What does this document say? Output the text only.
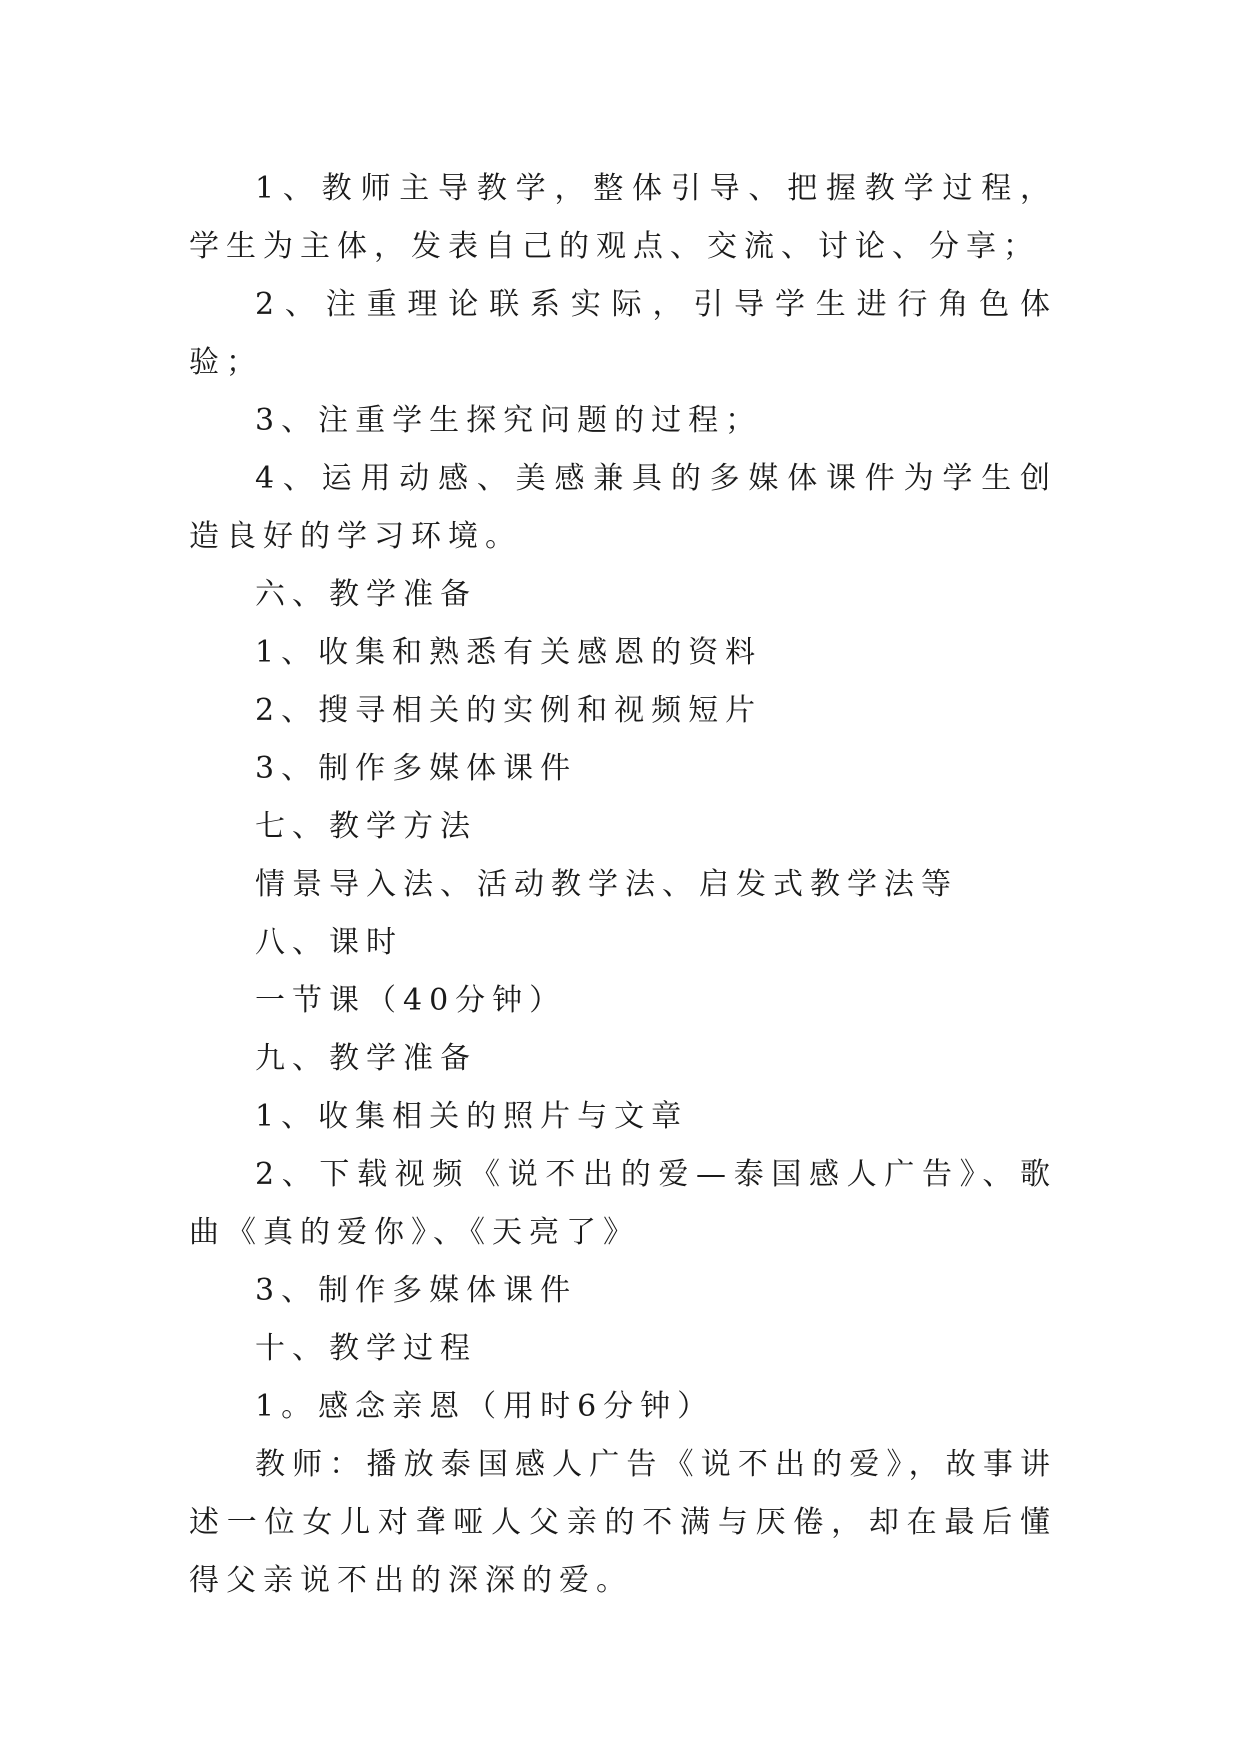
1、教师主导教学，整体引导、把握教学过程，学生为主体，发表自己的观点、交流、讨论、分享；

2、注重理论联系实际，引导学生进行角色体验；

3、注重学生探究问题的过程；

4、运用动感、美感兼具的多媒体课件为学生创造良好的学习环境。

六、教学准备

1、收集和熟悉有关感恩的资料

2、搜寻相关的实例和视频短片

3、制作多媒体课件

七、教学方法

情景导入法、活动教学法、启发式教学法等

八、课时

一节课（40分钟）

九、教学准备

1、收集相关的照片与文章

2、下载视频《说不出的爱—泰国感人广告》、歌曲《真的爱你》、《天亮了》

3、制作多媒体课件

十、教学过程

1。感念亲恩（用时6分钟）

教师：播放泰国感人广告《说不出的爱》，故事讲述一位女儿对聋哑人父亲的不满与厌倦，却在最后懂得父亲说不出的深深的爱。
